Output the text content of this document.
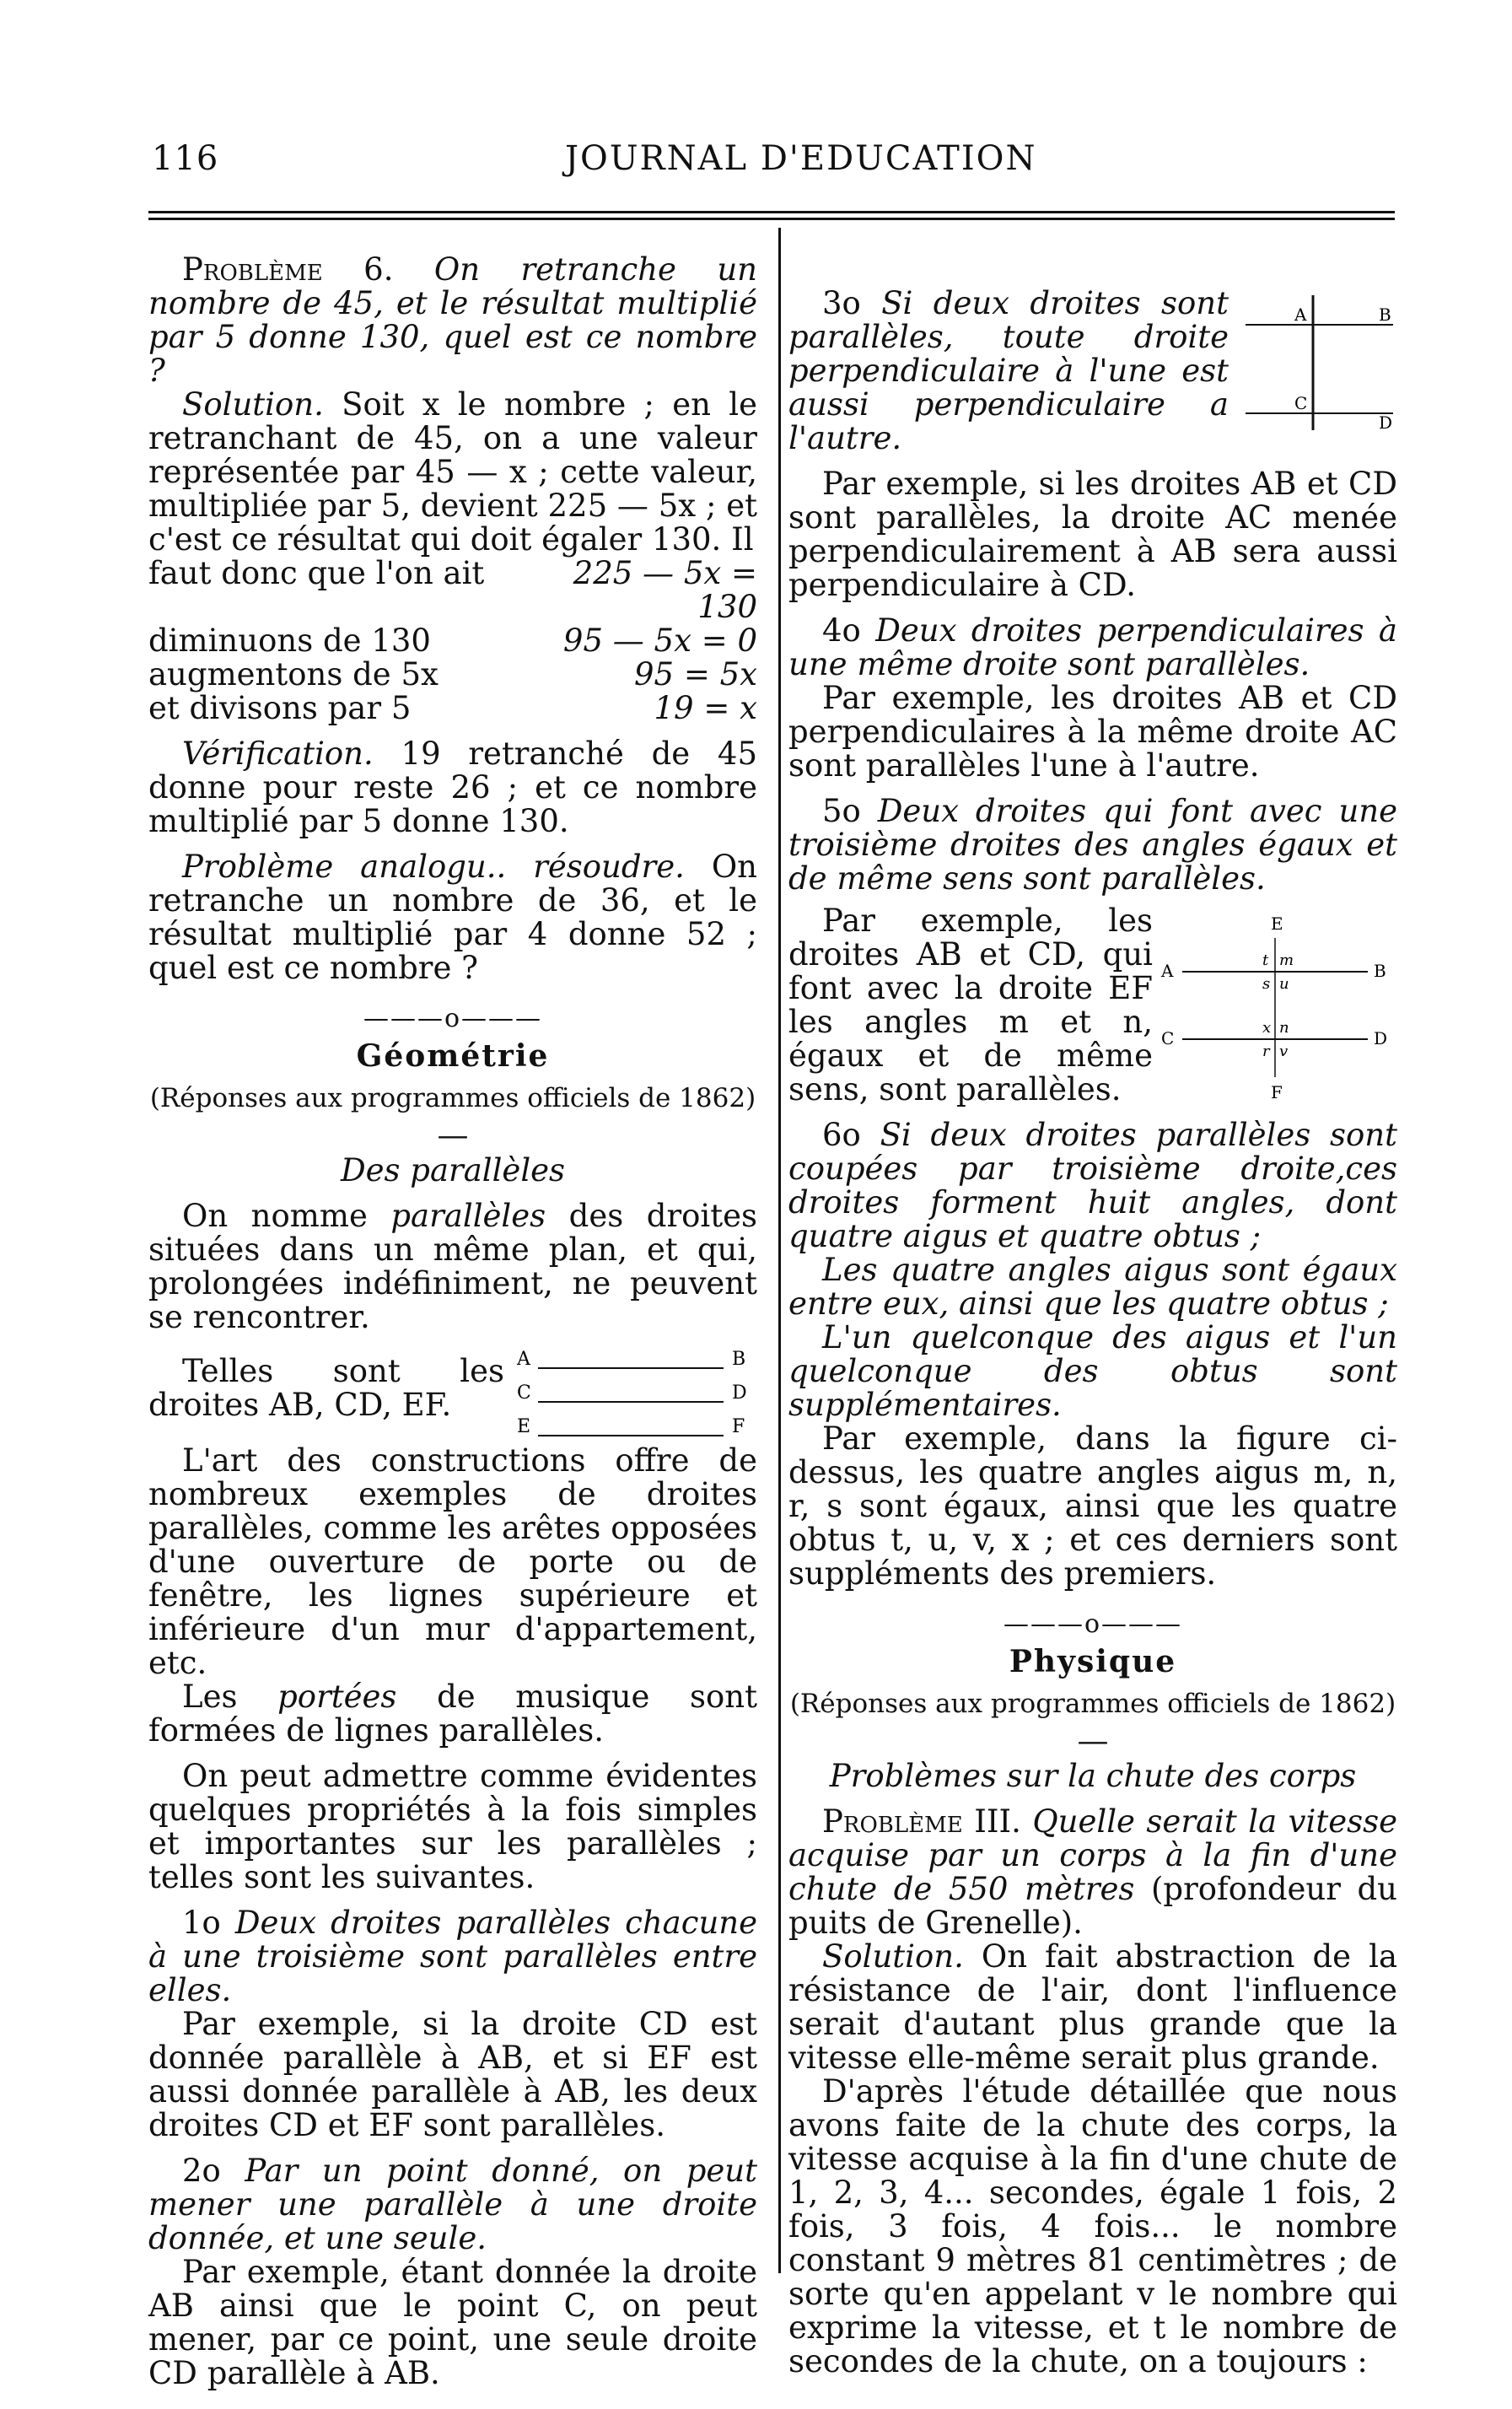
116	JOURNAL D'EDUCATION

Problème 6. On retranche un nombre de 45, et le résultat multiplié par 5 donne 130, quel est ce nombre ?

Solution. Soit x le nombre ; en le retranchant de 45, on a une valeur représentée par 45 — x ; cette valeur, multipliée par 5, devient 225 — 5x ; et c'est ce résultat qui doit égaler 130. Il

faut donc que l'on ait	225 — 5x = 130
diminuons de 130	95 — 5x = 0
augmentons de 5x	95 = 5x
et divisons par 5	19 = x

Vérification. 19 retranché de 45 donne pour reste 26 ; et ce nombre multiplié par 5 donne 130.

Problème analogu.. résoudre. On retranche un nombre de 36, et le résultat multiplié par 4 donne 52 ; quel est ce nombre ?

———o———
Géométrie
(Réponses aux programmes officiels de 1862)
—
Des parallèles

On nomme parallèles des droites situées dans un même plan, et qui, prolongées indéfiniment, ne peuvent se rencontrer.

Telles sont les droites AB, CD, EF.

A	B
C	D
E	F

L'art des constructions offre de nombreux exemples de droites parallèles, comme les arêtes opposées d'une ouverture de porte ou de fenêtre, les lignes supérieure et inférieure d'un mur d'appartement, etc.

Les portées de musique sont formées de lignes parallèles.

On peut admettre comme évidentes quelques propriétés à la fois simples et importantes sur les parallèles ; telles sont les suivantes.

1o Deux droites parallèles chacune à une troisième sont parallèles entre elles.

Par exemple, si la droite CD est donnée parallèle à AB, et si EF est aussi donnée parallèle à AB, les deux droites CD et EF sont parallèles.

2o Par un point donné, on peut mener une parallèle à une droite donnée, et une seule.

Par exemple, étant donnée la droite AB ainsi que le point C, on peut mener, par ce point, une seule droite CD parallèle à AB.

3o Si deux droites sont parallèles, toute droite perpendiculaire à l'une est aussi perpendiculaire a l'autre.

A	B
C
D

Par exemple, si les droites AB et CD sont parallèles, la droite AC menée perpendiculairement à AB sera aussi perpendiculaire à CD.

4o Deux droites perpendiculaires à une même droite sont parallèles.

Par exemple, les droites AB et CD perpendiculaires à la même droite AC sont parallèles l'une à l'autre.

5o Deux droites qui font avec une troisième droites des angles égaux et de même sens sont parallèles.

Par exemple, les droites AB et CD, qui font avec la droite EF les angles m et n, égaux et de même sens, sont parallèles.

E
A	B
C	D
F
t m
s u
x n
r v

6o Si deux droites parallèles sont coupées par troisième droite,ces droites forment huit angles, dont quatre aigus et quatre obtus ;

Les quatre angles aigus sont égaux entre eux, ainsi que les quatre obtus ;

L'un quelconque des aigus et l'un quelconque des obtus sont supplémentaires.

Par exemple, dans la figure ci-dessus, les quatre angles aigus m, n, r, s sont égaux, ainsi que les quatre obtus t, u, v, x ; et ces derniers sont suppléments des premiers.

———o———
Physique
(Réponses aux programmes officiels de 1862)
—
Problèmes sur la chute des corps

Problème III. Quelle serait la vitesse acquise par un corps à la fin d'une chute de 550 mètres (profondeur du puits de Grenelle).

Solution. On fait abstraction de la résistance de l'air, dont l'influence serait d'autant plus grande que la vitesse elle-même serait plus grande.

D'après l'étude détaillée que nous avons faite de la chute des corps, la vitesse acquise à la fin d'une chute de 1, 2, 3, 4... secondes, égale 1 fois, 2 fois, 3 fois, 4 fois... le nombre constant 9 mètres 81 centimètres ; de sorte qu'en appelant v le nombre qui exprime la vitesse, et t le nombre de secondes de la chute, on a toujours :
